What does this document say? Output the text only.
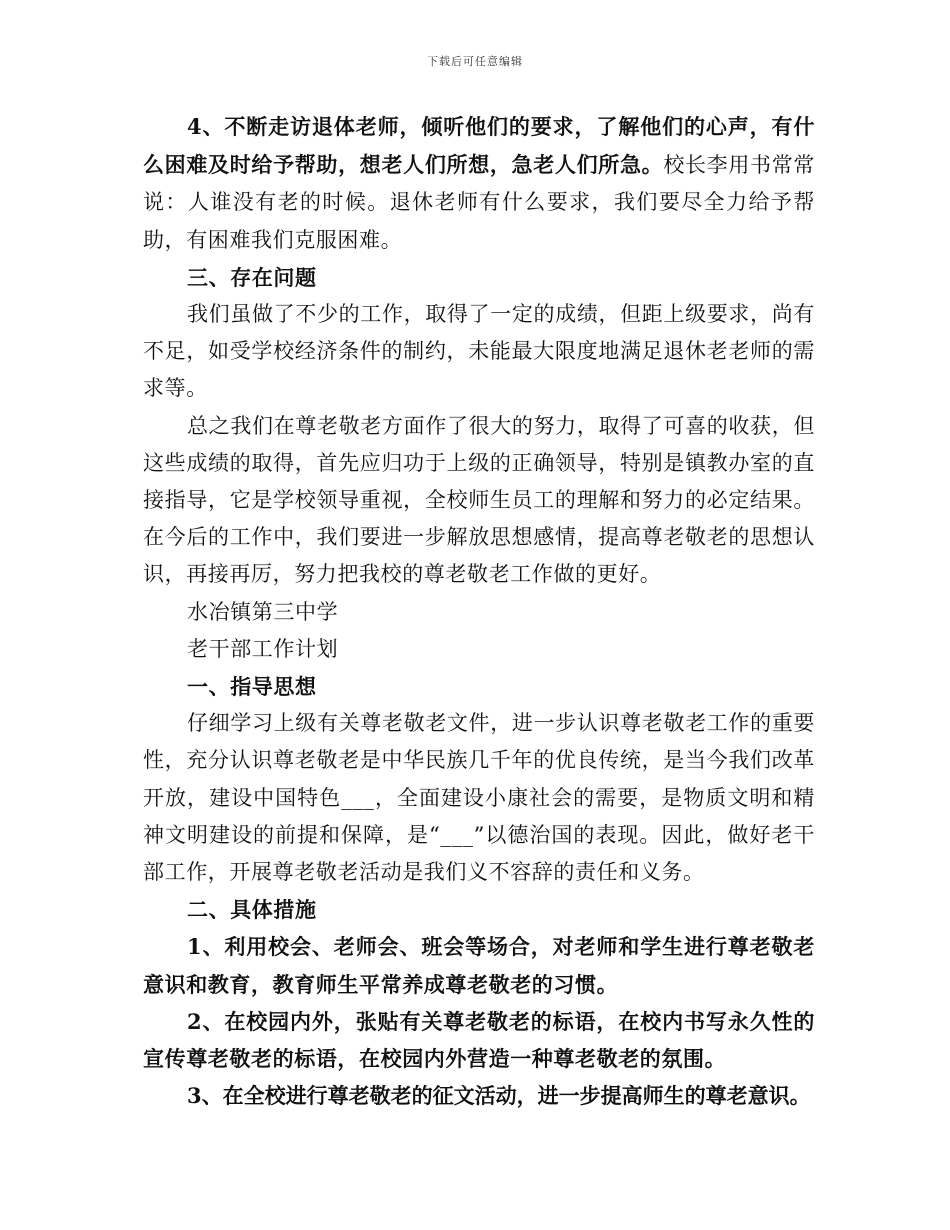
下载后可任意编辑

4、不断走访退体老师，倾听他们的要求，了解他们的心声，有什么困难及时给予帮助，想老人们所想，急老人们所急。校长李用书常常说：人谁没有老的时候。退休老师有什么要求，我们要尽全力给予帮助，有困难我们克服困难。

三、存在问题

我们虽做了不少的工作，取得了一定的成绩，但距上级要求，尚有不足，如受学校经济条件的制约，未能最大限度地满足退休老老师的需求等。

总之我们在尊老敬老方面作了很大的努力，取得了可喜的收获，但这些成绩的取得，首先应归功于上级的正确领导，特别是镇教办室的直接指导，它是学校领导重视，全校师生员工的理解和努力的必定结果。在今后的工作中，我们要进一步解放思想感情，提高尊老敬老的思想认识，再接再厉，努力把我校的尊老敬老工作做的更好。

水冶镇第三中学

老干部工作计划

一、指导思想

仔细学习上级有关尊老敬老文件，进一步认识尊老敬老工作的重要性，充分认识尊老敬老是中华民族几千年的优良传统，是当今我们改革开放，建设中国特色___，全面建设小康社会的需要，是物质文明和精神文明建设的前提和保障，是“___”以德治国的表现。因此，做好老干部工作，开展尊老敬老活动是我们义不容辞的责任和义务。

二、具体措施

1、利用校会、老师会、班会等场合，对老师和学生进行尊老敬老意识和教育，教育师生平常养成尊老敬老的习惯。

2、在校园内外，张贴有关尊老敬老的标语，在校内书写永久性的宣传尊老敬老的标语，在校园内外营造一种尊老敬老的氛围。

3、在全校进行尊老敬老的征文活动，进一步提高师生的尊老意识。
